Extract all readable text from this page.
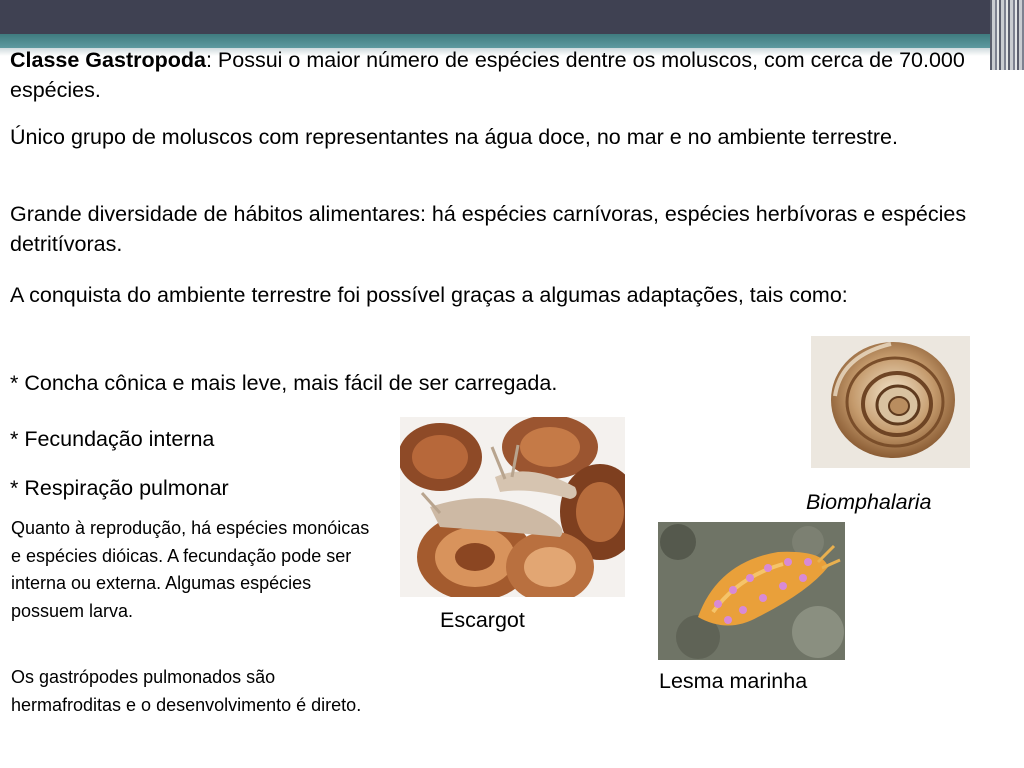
Classe Gastropoda: Possui o maior número de espécies dentre os moluscos, com cerca de 70.000 espécies.

Único grupo de moluscos com representantes na água doce, no mar e no ambiente terrestre.

Grande diversidade de hábitos alimentares: há espécies carnívoras, espécies herbívoras e espécies detritívoras.

A conquista do ambiente terrestre foi possível graças a algumas adaptações, tais como:

* Concha cônica e mais leve, mais fácil de ser carregada.

* Fecundação interna

* Respiração pulmonar

Quanto à reprodução, há espécies monóicas e espécies dióicas. A fecundação pode ser interna ou externa. Algumas espécies possuem larva.

Os gastrópodes pulmonados são hermafroditas e o desenvolvimento é direto.

Biomphalaria
Escargot
Lesma marinha
